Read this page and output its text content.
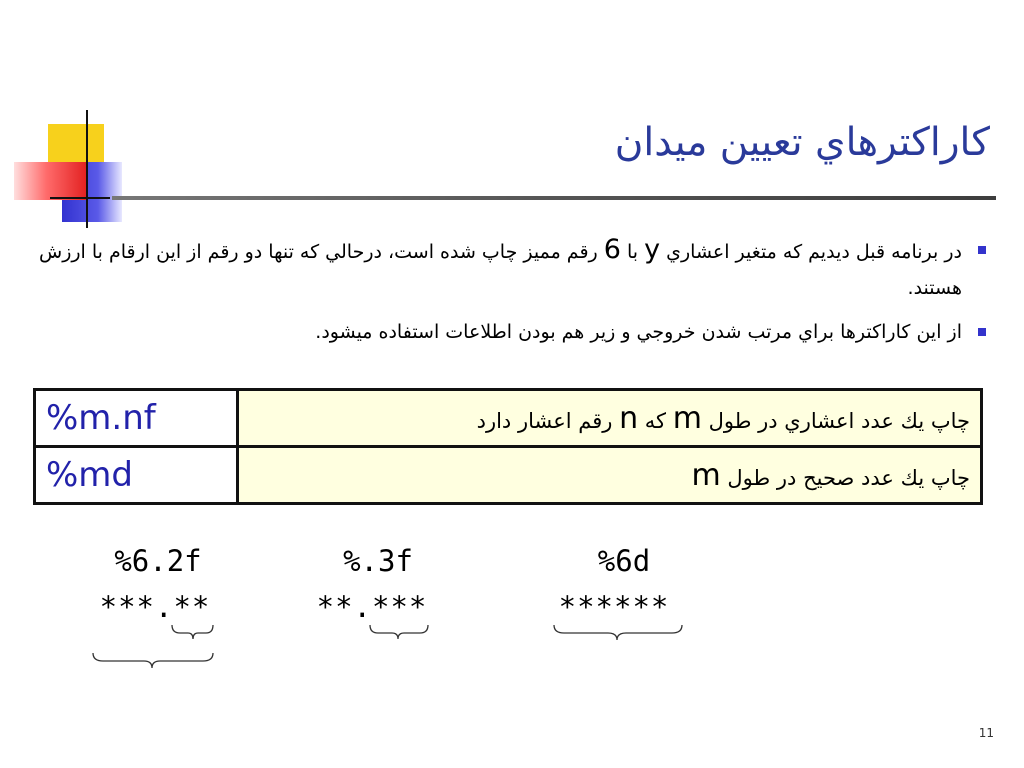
كاراكترهاي تعيين ميدان
در برنامه قبل ديديم كه متغير اعشاري y با 6 رقم مميز چاپ شده است، درحالي كه تنها دو رقم از اين ارقام با ارزش هستند.
از اين كاراكترها براي مرتب شدن خروجي و زير هم بودن اطلاعات استفاده ميشود.
%m.nf	چاپ يك عدد اعشاري در طول m كه n رقم اعشار دارد
%md	چاپ يك عدد صحيح در طول m
%6.2f
***.**
%.3f
**.***
%6d
******
11
